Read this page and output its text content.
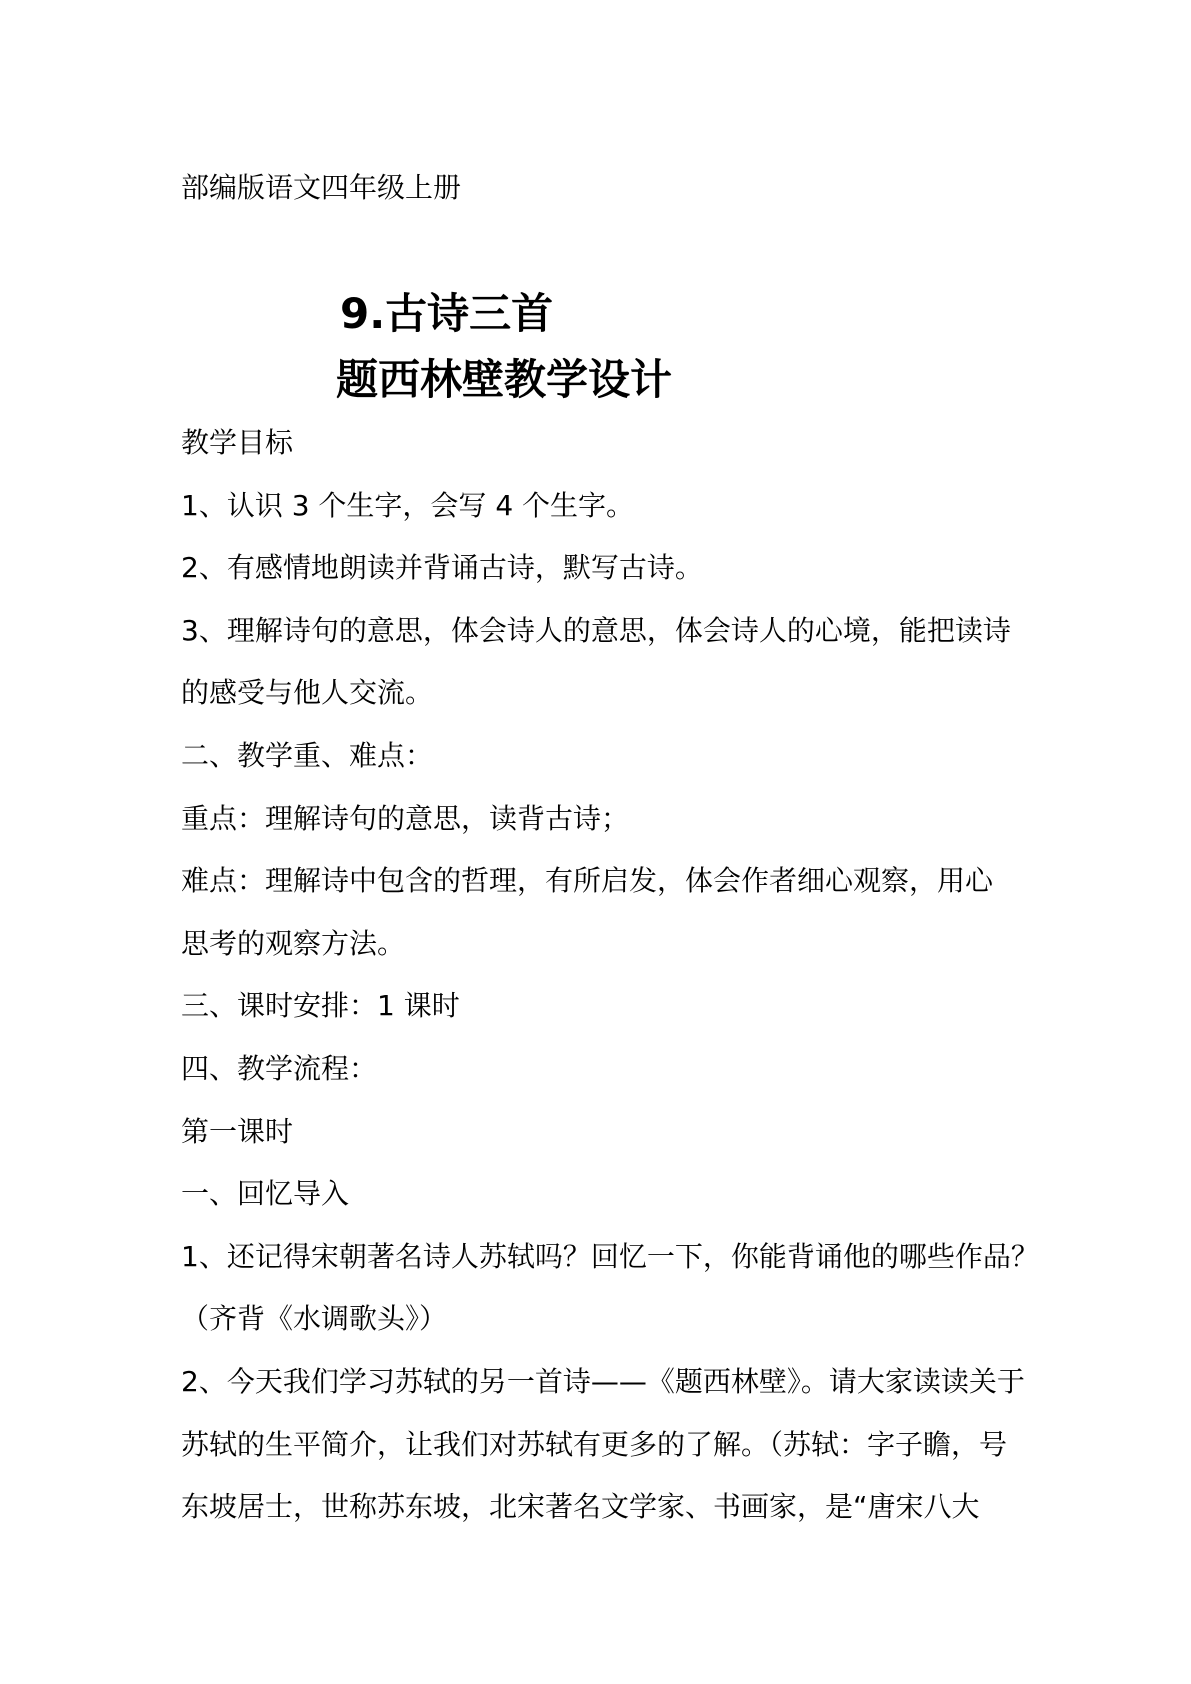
部编版语文四年级上册
9.古诗三首
题西林壁教学设计
教学目标
1、认识 3 个生字，会写 4 个生字。
2、有感情地朗读并背诵古诗，默写古诗。
3、理解诗句的意思，体会诗人的意思，体会诗人的心境，能把读诗
的感受与他人交流。
二、教学重、难点：
重点：理解诗句的意思，读背古诗；
难点：理解诗中包含的哲理，有所启发，体会作者细心观察，用心
思考的观察方法。
三、课时安排：1 课时
四、教学流程：
第一课时
一、回忆导入
1、还记得宋朝著名诗人苏轼吗？回忆一下，你能背诵他的哪些作品？
（齐背《水调歌头》）
2、今天我们学习苏轼的另一首诗——《题西林壁》。请大家读读关于
苏轼的生平简介，让我们对苏轼有更多的了解。（苏轼：字子瞻，号
东坡居士，世称苏东坡，北宋著名文学家、书画家，是“唐宋八大
